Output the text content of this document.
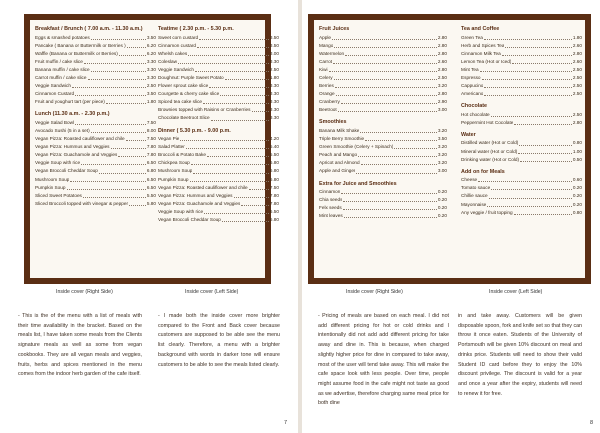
Breakfast / Brunch ( 7.00 a.m. - 11.30 a.m.)
Eggs & smashed potatoes	3.50
Pancake ( Banana or Buttermilk or Berries )	6.20
Waffle (Banana or Buttermilk or Berries)	6.20
Fruit muffin / cake slice	3.30
Banana muffin / cake slice	3.30
Carrot muffin / cake slice	3.30
Veggie Sandwich	2.50
Cinnamon Custard	3.50
Fruit and youghurt tart (per piece)	1.80
Lunch (11.30 a.m. - 2.30 p.m.)
Veggie Salad Bowl	7.50
Avocado Sushi (5 in a set)	8.00
Vegan Pizza: Roasted cauliflower and chile	7.50
Vegan Pizza: Hummus and Veggies	7.80
Vegan Pizza: Guachamole and Veggies	7.80
Veggie Soup with rice	6.50
Vegan Broccoli Cheddar Soup	6.80
Mushroom Soup	6.50
Pumpkin Soup	6.50
Sliced Sweet Potatoes	5.50
Sliced Broccoli topped with vinegar & pepper	5.80
Teatime ( 2.30 p.m. - 5.30 p.m.
Sweet corn custard	3.50
Cinnamon custard	3.50
Whelsh cakes	3.00
Coleslaw	3.30
Veggie Sandwich	2.50
Doughnut: Purple Sweet Potato	1.80
Flower sprout cake slice	3.30
Courgette & cherry cake slice	3.30
Spiced tea cake slice	3.30
Brownies topped with Raisins or Cranberries	3.30
Chocolate Beetroot Slice	3.30
Dinner ( 5.30 p.m. - 9.00 p.m.
Vegan Pie	4.20
Salad Platter	5.40
Broccoli & Potato Bake	5.50
Chickpea Soup	6.80
Mushroom Soup	6.80
Pumpkin Soup	6.80
Vegan Pizza: Roasted cauliflower and chile	7.50
Vegan Pizza: Hummus and Veggies	7.80
Vegan Pizza: Guachamole and Veggies	7.80
Veggie Soup with rice	6.50
Vegan Broccoli Cheddar Soup	6.80
Inside cover (Right Side)	Inside cover (Left Side)
- This is the of the menu with a list of meals with their time availability in the bracket. Based on the meals list, I have taken some meals from the Clients signature meals as well as some from vegan cookbooks. They are all vegan meals and veggies, fruits, herbs and spices mentioned in the menu comes from the indoor herb garden of the cafe itself.
- I made both the inside cover more brighter compared to the Front and Back cover because customers are supposed to be able see the menu list clearly. Therefore, a menu with a brighter background with words in darker tone will ensure customers to be able to see the meals listed clearly.
7
Fruit Juices
Apple	2.80
Mango	2.80
Watermelon	2.80
Carrot	2.60
Kiwi	2.80
Celery	2.50
Berries	3.20
Orange	2.80
Cranberry	2.90
Beetroot	3.00
Smoothies
Banana Milk Shake	3.20
Triple Berry Smoothie	3.50
Green Smoothie (Celery + Spinach)	3.20
Peach and Mango	3.20
Apricot and Almond	3.20
Apple and Ginger	3.00
Extra for Juice and Smoothies
Cinnamon	0.20
Chia seeds	0.20
Felx seeds	0.20
Mint leaves	0.20
Tea and Coffee
Green Tea	1.80
Herb and Spices Tea	2.60
Cinnamon Milk Tea	2.80
Lemon Tea (Hot or Iced)	2.60
Mint Tea	2.50
Espresso	2.50
Cappucino	2.50
Americano	2.50
Chocolate
Hot chocolate	2.50
Peppermint Hot Cocolate	2.80
Water
Distilled water (Hot or Cold)	0.80
Mineral water (Hot or Cold)	1.00
Drinking water (Hot or Cold)	0.50
Add on for Meals
Cheese	0.60
Tomato sauce	0.20
Chillie sauce	0.20
Mayonnaise	0.20
Any veggie / fruit topping	0.80
Inside cover (Right Side)	Inside cover (Left Side)
- Pricing of meals are based on each meal. I did not add different pricing for hot or cold drinks and I intentionally did not add add different pricing for take away and dine in. This is because, when charged slightly higher price for dine in compared to take away, most of the user will tend take away. This will make the cafe space look with less people. Over time, people might assume food in the cafe might not taste as good as we advertise, therefore charging same meal price for both dine
in and take away. Customers will be given disposable spoon, fork and knife set so that they can throw it once eaten. Students of the University of Portsmouth will be given 10% discount on meal and drinks price. Students will need to show their valid Student ID card before they to enjoy the 10% discount privilege. The discount is valid for a year and once a year after the expiry, students will need to renew it for free.
8
